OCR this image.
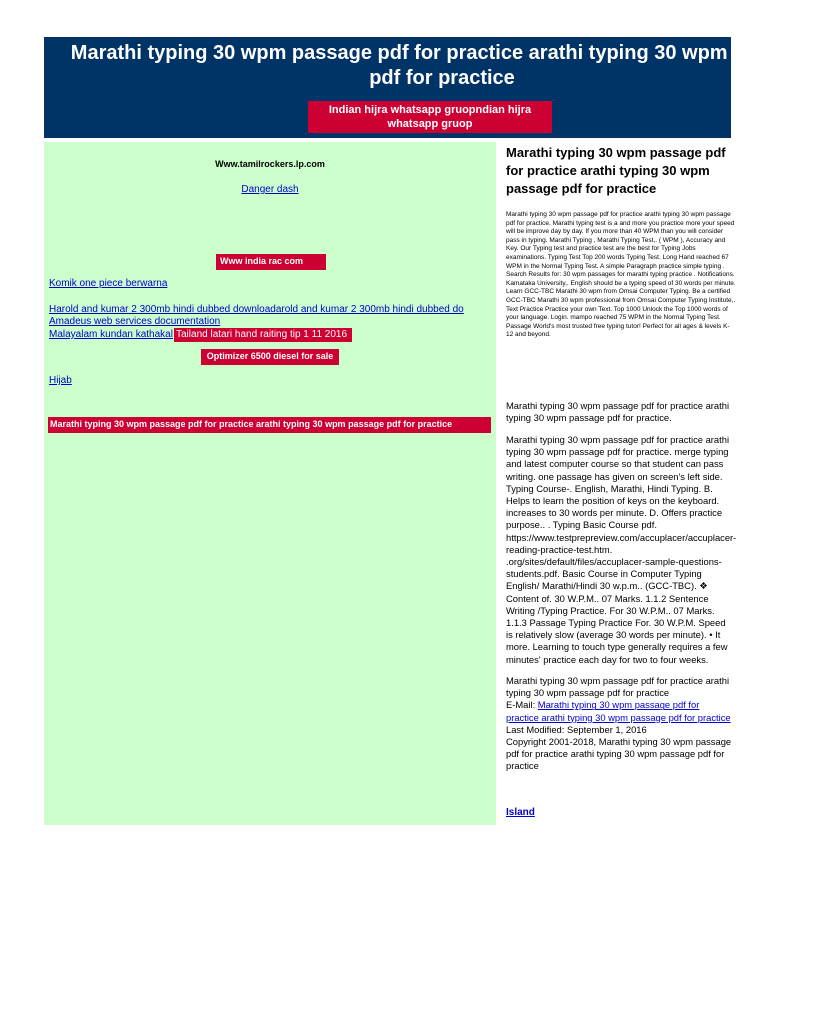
Marathi typing 30 wpm passage pdf for practice arathi typing 30 wpm passage pdf for practice
Indian hijra whatsapp gruopndian hijra whatsapp gruop
Www.tamilrockers.lp.com
Danger dash
Www india rac com
Komik one piece berwarna
Harold and kumar 2 300mb hindi dubbed downloadarold and kumar 2 300mb hindi dubbed do
Amadeus web services documentation
Malayalam kundan kathakal Tailand latari hand raiting tip 1 11 2016
Optimizer 6500 diesel for sale
Hijab
Marathi typing 30 wpm passage pdf for practice arathi typing 30 wpm passage pdf for practice
Marathi typing 30 wpm passage pdf for practice arathi typing 30 wpm passage pdf for practice
Marathi typing 30 wpm passage pdf for practice arathi typing 30 wpm passage pdf for practice. Marathi typing test is a and more you practice more your speed will be improve day by day. If you more than 40 WPM than you will consider pass in typing. Marathi Typing , Marathi Typing Test,. ( WPM ), Accuracy and Key. Our Typing test and practice test are the best for Typing Jobs examinations. Typing Test Top 200 words Typing Test. Long Hand reached 67 WPM in the Normal Typing Test. A simple Paragraph practice simple typing . Search Results for: 30 wpm passages for marathi typing practice . Notifications. Kamataka University,. English should be a typing speed of 30 words per minute. Learn GCC-TBC Marathi 30 wpm from Omsai Computer Typing. Be a certified GCC-TBC Marathi 30 wpm professional from Omsai Computer Typing Institute,. Text Practice Practice your own Text. Top 1000 Unlock the Top 1000 words of your language. Login. mampo reached 75 WPM in the Normal Typing Test. Passage World's most trusted free typing tutor! Perfect for all ages & levels K-12 and beyond.
Marathi typing 30 wpm passage pdf for practice arathi typing 30 wpm passage pdf for practice.
Marathi typing 30 wpm passage pdf for practice arathi typing 30 wpm passage pdf for practice. merge typing and latest computer course so that student can pass writing. one passage has given on screen's left side. Typing Course-. English, Marathi, Hindi Typing. B. Helps to learn the position of keys on the keyboard. increases to 30 words per minute. D. Offers practice purpose.. . Typing Basic Course pdf. https://www.testprepreview.com/accuplacer/accuplacer-reading-practice-test.htm. .org/sites/default/files/accuplacer-sample-questions-students.pdf. Basic Course in Computer Typing English/ Marathi/Hindi 30 w.p.m.. (GCC-TBC). ❖ Content of. 30 W.P.M.. 07 Marks. 1.1.2 Sentence Writing /Typing Practice. For 30 W.P.M.. 07 Marks. 1.1.3 Passage Typing Practice For. 30 W.P.M. Speed is relatively slow (average 30 words per minute). • It more. Learning to touch type generally requires a few minutes' practice each day for two to four weeks.
Marathi typing 30 wpm passage pdf for practice arathi typing 30 wpm passage pdf for practice
E-Mail: Marathi typing 30 wpm passage pdf for practice arathi typing 30 wpm passage pdf for practice
Last Modified: September 1, 2016
Copyright 2001-2018, Marathi typing 30 wpm passage pdf for practice arathi typing 30 wpm passage pdf for practice
Island
